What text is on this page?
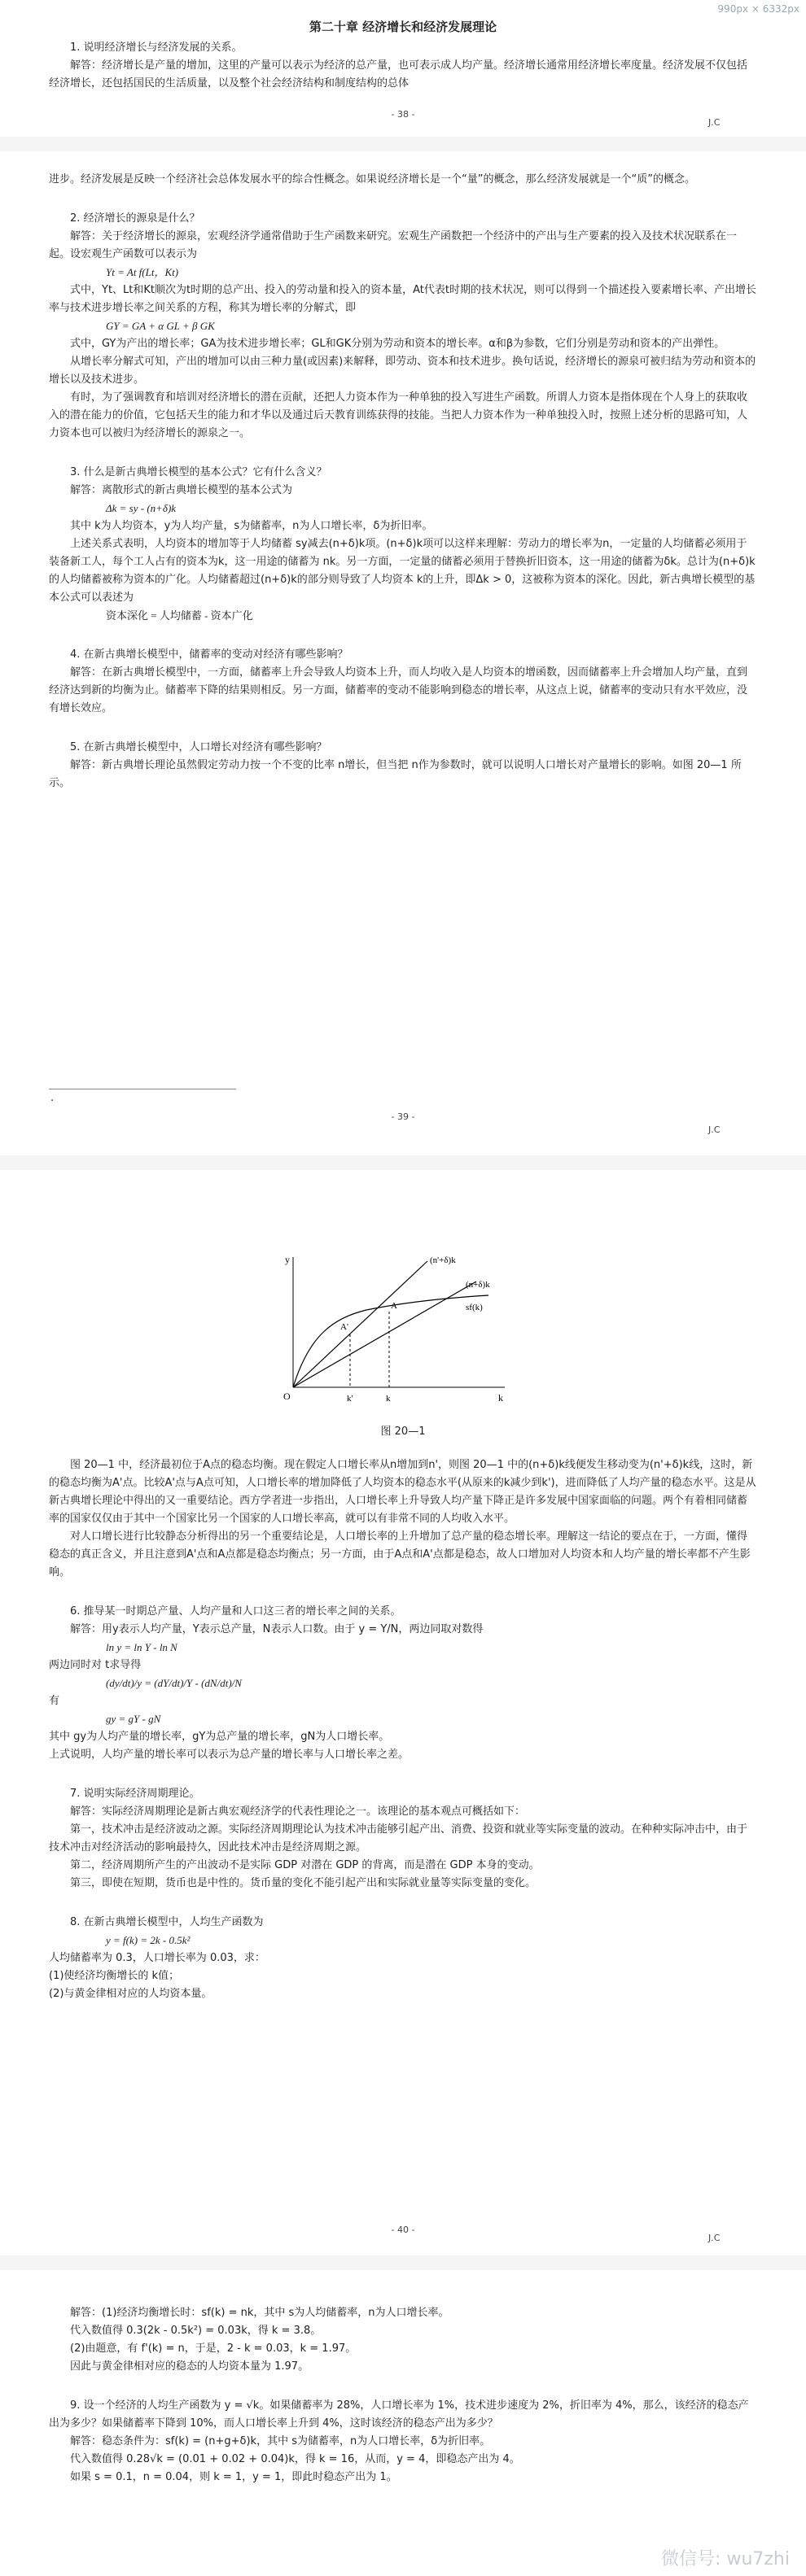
990px × 6332px
第二十章 经济增长和经济发展理论

1. 说明经济增长与经济发展的关系。

解答：经济增长是产量的增加，这里的产量可以表示为经济的总产量，也可表示成人均产量。经济增长通常用经济增长率度量。经济发展不仅包括经济增长，还包括国民的生活质量，以及整个社会经济结构和制度结构的总体

- 38 -
J.C

进步。经济发展是反映一个经济社会总体发展水平的综合性概念。如果说经济增长是一个“量”的概念，那么经济发展就是一个“质”的概念。

2. 经济增长的源泉是什么？

解答：关于经济增长的源泉，宏观经济学通常借助于生产函数来研究。宏观生产函数把一个经济中的产出与生产要素的投入及技术状况联系在一起。设宏观生产函数可以表示为

Yt = At f(Lt，Kt)

式中，Yt、Lt和Kt顺次为t时期的总产出、投入的劳动量和投入的资本量，At代表t时期的技术状况，则可以得到一个描述投入要素增长率、产出增长率与技术进步增长率之间关系的方程，称其为增长率的分解式，即

GY = GA + α GL + β GK

式中，GY为产出的增长率；GA为技术进步增长率；GL和GK分别为劳动和资本的增长率。α和β为参数，它们分别是劳动和资本的产出弹性。

从增长率分解式可知，产出的增加可以由三种力量(或因素)来解释，即劳动、资本和技术进步。换句话说，经济增长的源泉可被归结为劳动和资本的增长以及技术进步。

有时，为了强调教育和培训对经济增长的潜在贡献，还把人力资本作为一种单独的投入写进生产函数。所谓人力资本是指体现在个人身上的获取收入的潜在能力的价值，它包括天生的能力和才华以及通过后天教育训练获得的技能。当把人力资本作为一种单独投入时，按照上述分析的思路可知，人力资本也可以被归为经济增长的源泉之一。

3. 什么是新古典增长模型的基本公式？它有什么含义？

解答：离散形式的新古典增长模型的基本公式为

Δk = sy - (n+δ)k

其中 k为人均资本，y为人均产量，s为储蓄率，n为人口增长率，δ为折旧率。

上述关系式表明，人均资本的增加等于人均储蓄 sy减去(n+δ)k项。(n+δ)k项可以这样来理解：劳动力的增长率为n，一定量的人均储蓄必须用于装备新工人，每个工人占有的资本为k，这一用途的储蓄为 nk。另一方面，一定量的储蓄必须用于替换折旧资本，这一用途的储蓄为δk。总计为(n+δ)k的人均储蓄被称为资本的广化。人均储蓄超过(n+δ)k的部分则导致了人均资本 k的上升，即Δk > 0，这被称为资本的深化。因此，新古典增长模型的基本公式可以表述为

资本深化 = 人均储蓄 - 资本广化

4. 在新古典增长模型中，储蓄率的变动对经济有哪些影响？

解答：在新古典增长模型中，一方面，储蓄率上升会导致人均资本上升，而人均收入是人均资本的增函数，因而储蓄率上升会增加人均产量，直到经济达到新的均衡为止。储蓄率下降的结果则相反。另一方面，储蓄率的变动不能影响到稳态的增长率，从这点上说，储蓄率的变动只有水平效应，没有增长效应。

5. 在新古典增长模型中，人口增长对经济有哪些影响？

解答：新古典增长理论虽然假定劳动力按一个不变的比率 n增长，但当把 n作为参数时，就可以说明人口增长对产量增长的影响。如图 20—1 所示。

.
- 39 -
J.C
y
k
O
(n'+δ)k
(n+δ)k
sf(k)
A'
A
k'	k
图 20—1

图 20—1 中，经济最初位于A点的稳态均衡。现在假定人口增长率从n增加到n'，则图 20—1 中的(n+δ)k线便发生移动变为(n'+δ)k线，这时，新的稳态均衡为A'点。比较A'点与A点可知，人口增长率的增加降低了人均资本的稳态水平(从原来的k减少到k')，进而降低了人均产量的稳态水平。这是从新古典增长理论中得出的又一重要结论。西方学者进一步指出，人口增长率上升导致人均产量下降正是许多发展中国家面临的问题。两个有着相同储蓄率的国家仅仅由于其中一个国家比另一个国家的人口增长率高，就可以有非常不同的人均收入水平。

对人口增长进行比较静态分析得出的另一个重要结论是，人口增长率的上升增加了总产量的稳态增长率。理解这一结论的要点在于，一方面，懂得稳态的真正含义，并且注意到A'点和A点都是稳态均衡点；另一方面，由于A点和A'点都是稳态，故人口增加对人均资本和人均产量的增长率都不产生影响。

6. 推导某一时期总产量、人均产量和人口这三者的增长率之间的关系。

解答：用y表示人均产量，Y表示总产量，N表示人口数。由于 y = Y/N，两边同取对数得

ln y = ln Y - ln N

两边同时对 t求导得

(dy/dt)/y = (dY/dt)/Y - (dN/dt)/N

有

gy = gY - gN

其中 gy为人均产量的增长率，gY为总产量的增长率，gN为人口增长率。

上式说明，人均产量的增长率可以表示为总产量的增长率与人口增长率之差。

7. 说明实际经济周期理论。

解答：实际经济周期理论是新古典宏观经济学的代表性理论之一。该理论的基本观点可概括如下：

第一，技术冲击是经济波动之源。实际经济周期理论认为技术冲击能够引起产出、消费、投资和就业等实际变量的波动。在种种实际冲击中，由于技术冲击对经济活动的影响最持久，因此技术冲击是经济周期之源。

第二，经济周期所产生的产出波动不是实际 GDP 对潜在 GDP 的背离，而是潜在 GDP 本身的变动。

第三，即使在短期，货币也是中性的。货币量的变化不能引起产出和实际就业量等实际变量的变化。

8. 在新古典增长模型中，人均生产函数为

y = f(k) = 2k - 0.5k²

人均储蓄率为 0.3，人口增长率为 0.03，求：

(1)使经济均衡增长的 k值；

(2)与黄金律相对应的人均资本量。

- 40 -
J.C

解答：(1)经济均衡增长时：sf(k) = nk，其中 s为人均储蓄率，n为人口增长率。

代入数值得 0.3(2k - 0.5k²) = 0.03k，得 k = 3.8。

(2)由题意，有 f'(k) = n，于是，2 - k = 0.03，k = 1.97。

因此与黄金律相对应的稳态的人均资本量为 1.97。

9. 设一个经济的人均生产函数为 y = √k。如果储蓄率为 28%，人口增长率为 1%，技术进步速度为 2%，折旧率为 4%，那么，该经济的稳态产出为多少？如果储蓄率下降到 10%，而人口增长率上升到 4%，这时该经济的稳态产出为多少？

解答：稳态条件为：sf(k) = (n+g+δ)k，其中 s为储蓄率，n为人口增长率，δ为折旧率。

代入数值得 0.28√k = (0.01 + 0.02 + 0.04)k，得 k = 16，从而，y = 4，即稳态产出为 4。

如果 s = 0.1，n = 0.04，则 k = 1，y = 1，即此时稳态产出为 1。

微信号: wu7zhi
